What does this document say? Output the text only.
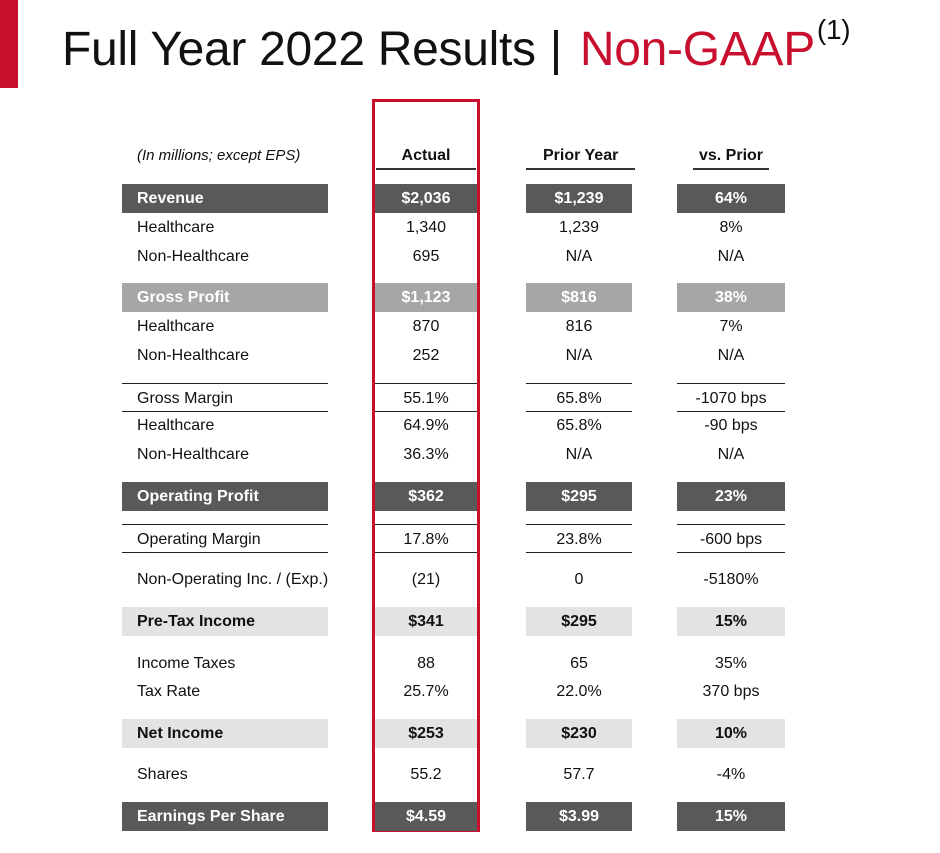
Full Year 2022 Results | Non-GAAP$^{(1)}$
(In millions; except EPS)	Actual	Prior Year	vs. Prior
Revenue	$2,036	$1,239	64%
Healthcare	1,340	1,239	8%
Non-Healthcare	695	N/A	N/A
Gross Profit	$1,123	$816	38%
Healthcare	870	816	7%
Non-Healthcare	252	N/A	N/A
Gross Margin	55.1%	65.8%	-1070 bps
Healthcare	64.9%	65.8%	-90 bps
Non-Healthcare	36.3%	N/A	N/A
Operating Profit	$362	$295	23%
Operating Margin	17.8%	23.8%	-600 bps
Non-Operating Inc. / (Exp.)	(21)	0	-5180%
Pre-Tax Income	$341	$295	15%
Income Taxes	88	65	35%
Tax Rate	25.7%	22.0%	370 bps
Net Income	$253	$230	10%
Shares	55.2	57.7	-4%
Earnings Per Share	$4.59	$3.99	15%
